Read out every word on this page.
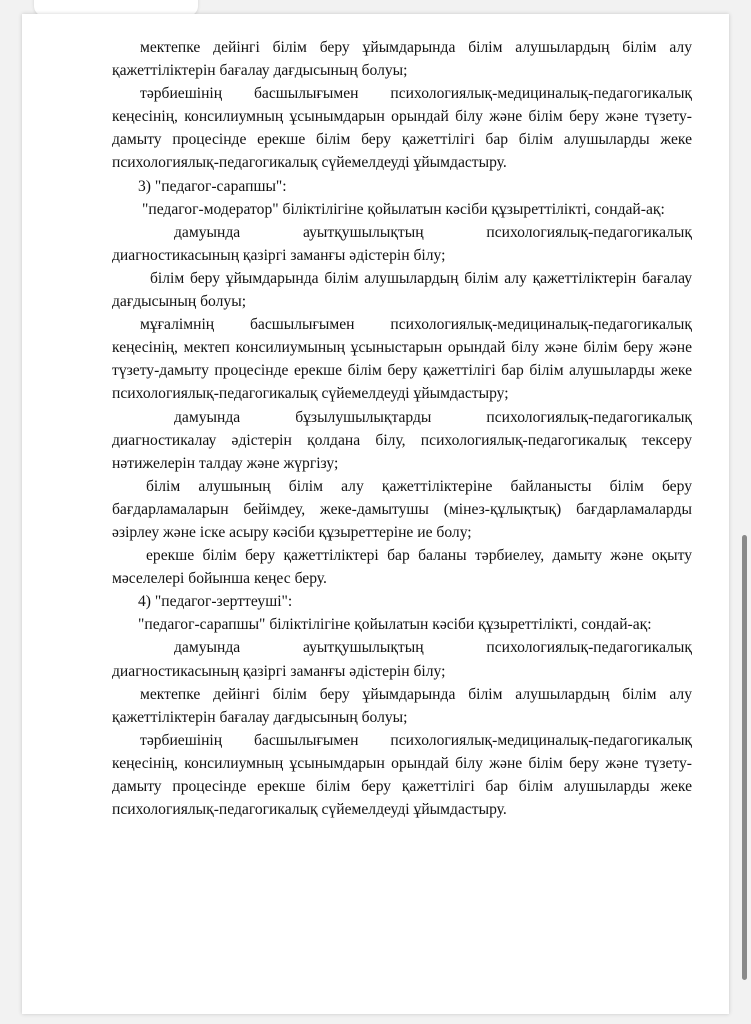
мектепке дейінгі білім беру ұйымдарында білім алушылардың білім алу қажеттіліктерін бағалау дағдысының болуы;

тәрбиешінің басшылығымен психологиялық-медициналық-педагогикалық кеңесінің, консилиумның ұсынымдарын орындай білу және білім беру және түзету-дамыту процесінде ерекше білім беру қажеттілігі бар білім алушыларды жеке психологиялық-педагогикалық сүйемелдеуді ұйымдастыру.

3) "педагог-сарапшы":

"педагог-модератор" біліктілігіне қойылатын кәсіби құзыреттілікті, сондай-ақ:

дамуында ауытқушылықтың психологиялық-педагогикалық диагностикасының қазіргі заманғы әдістерін білу;

білім беру ұйымдарында білім алушылардың білім алу қажеттіліктерін бағалау дағдысының болуы;

мұғалімнің басшылығымен психологиялық-медициналық-педагогикалық кеңесінің, мектеп консилиумының ұсыныстарын орындай білу және білім беру және түзету-дамыту процесінде ерекше білім беру қажеттілігі бар білім алушыларды жеке психологиялық-педагогикалық сүйемелдеуді ұйымдастыру;

дамуында бұзылушылықтарды психологиялық-педагогикалық диагностикалау әдістерін қолдана білу, психологиялық-педагогикалық тексеру нәтижелерін талдау және жүргізу;

білім алушының білім алу қажеттіліктеріне байланысты білім беру бағдарламаларын бейімдеу, жеке-дамытушы (мінез-құлықтық) бағдарламаларды әзірлеу және іске асыру кәсіби құзыреттеріне ие болу;

ерекше білім беру қажеттіліктері бар баланы тәрбиелеу, дамыту және оқыту мәселелері бойынша кеңес беру.

4) "педагог-зерттеуші":

"педагог-сарапшы" біліктілігіне қойылатын кәсіби құзыреттілікті, сондай-ақ:

дамуында ауытқушылықтың психологиялық-педагогикалық диагностикасының қазіргі заманғы әдістерін білу;

мектепке дейінгі білім беру ұйымдарында білім алушылардың білім алу қажеттіліктерін бағалау дағдысының болуы;

тәрбиешінің басшылығымен психологиялық-медициналық-педагогикалық кеңесінің, консилиумның ұсынымдарын орындай білу және білім беру және түзету-дамыту процесінде ерекше білім беру қажеттілігі бар білім алушыларды жеке психологиялық-педагогикалық сүйемелдеуді ұйымдастыру.
